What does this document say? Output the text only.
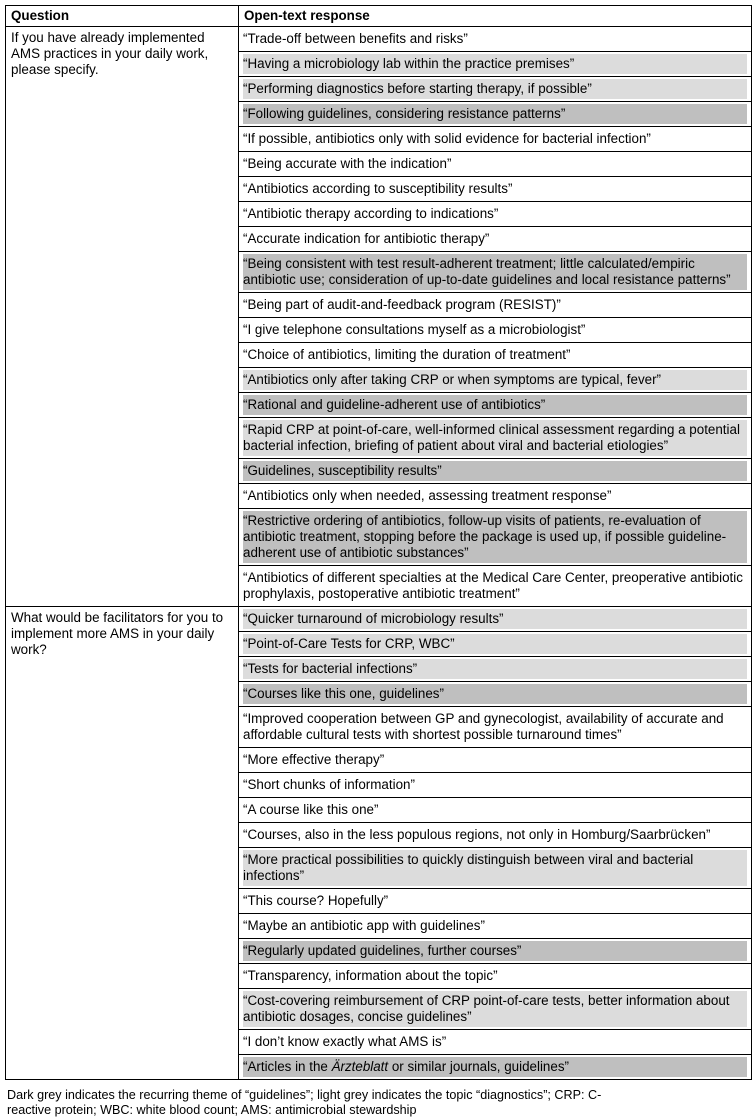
Question	Open-text response
If you have already implemented AMS practices in your daily work, please specify.	“Trade-off between benefits and risks”

	“Having a microbiology lab within the practice premises”

	“Performing diagnostics before starting therapy, if possible”

	“Following guidelines, considering resistance patterns”

	“If possible, antibiotics only with solid evidence for bacterial infection”

	“Being accurate with the indication”

	“Antibiotics according to susceptibility results”

	“Antibiotic therapy according to indications”

	“Accurate indication for antibiotic therapy”

	“Being consistent with test result-adherent treatment; little calculated/empiric antibiotic use; consideration of up-to-date guidelines and local resistance patterns”

	“Being part of audit-and-feedback program (RESIST)”

	“I give telephone consultations myself as a microbiologist”

	“Choice of antibiotics, limiting the duration of treatment”

	“Antibiotics only after taking CRP or when symptoms are typical, fever”

	“Rational and guideline-adherent use of antibiotics”

	“Rapid CRP at point-of-care, well-informed clinical assessment regarding a potential bacterial infection, briefing of patient about viral and bacterial etiologies”

	“Guidelines, susceptibility results”

	“Antibiotics only when needed, assessing treatment response”

	“Restrictive ordering of antibiotics, follow-up visits of patients, re-evaluation of antibiotic treatment, stopping before the package is used up, if possible guideline-adherent use of antibiotic substances”

	“Antibiotics of different specialties at the Medical Care Center, preoperative antibiotic prophylaxis, postoperative antibiotic treatment”

What would be facilitators for you to implement more AMS in your daily work?	“Quicker turnaround of microbiology results”

	“Point-of-Care Tests for CRP, WBC”

	“Tests for bacterial infections”

	“Courses like this one, guidelines”

	“Improved cooperation between GP and gynecologist, availability of accurate and affordable cultural tests with shortest possible turnaround times”

	“More effective therapy”

	“Short chunks of information”

	“A course like this one”

	“Courses, also in the less populous regions, not only in Homburg/Saarbrücken”

	“More practical possibilities to quickly distinguish between viral and bacterial infections”

	“This course? Hopefully”

	“Maybe an antibiotic app with guidelines”

	“Regularly updated guidelines, further courses”

	“Transparency, information about the topic”

	“Cost-covering reimbursement of CRP point-of-care tests, better information about antibiotic dosages, concise guidelines”

	“I don’t know exactly what AMS is”

	“Articles in the Ärzteblatt or similar journals, guidelines”
Dark grey indicates the recurring theme of “guidelines”; light grey indicates the topic “diagnostics”; CRP: C-reactive protein; WBC: white blood count; AMS: antimicrobial stewardship
